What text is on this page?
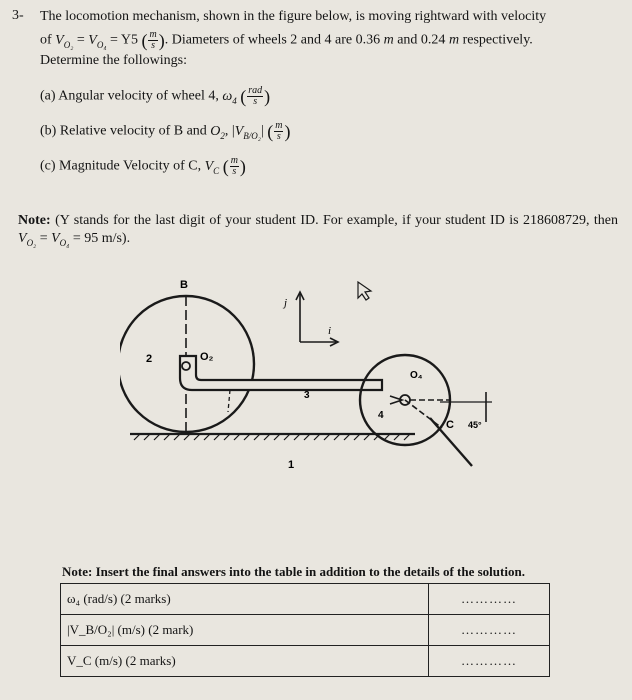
3- The locomotion mechanism, shown in the figure below, is moving rightward with velocity
of $V_{O_2} = V_{O_4} = Y5$ ( $\frac{m}{s}$ ). Diameters of wheels 2 and 4 are 0.36 m and 0.24 m respectively.
Determine the followings:
(a) Angular velocity of wheel 4, $\omega_4$ ( $\frac{\text{rad}}{s}$ )
(b) Relative velocity of B and $O_2$, $|V_{B/O_2}|$ ( $\frac{m}{s}$ )
(c) Magnitude Velocity of C, $V_C$ ( $\frac{m}{s}$ )
Note: (Y stands for the last digit of your student ID. For example, if your student ID is 218608729, then $V_{O_2} = V_{O_4} = 95$ m/s).
B
2	O₂
3
4
O₄
C 45°
1
j
i
Note: Insert the final answers into the table in addition to the details of the solution.
ω₄ (rad/s) (2 marks)	…………
|V_B/O₂| (m/s) (2 mark)	…………
V_C (m/s) (2 marks)	…………
